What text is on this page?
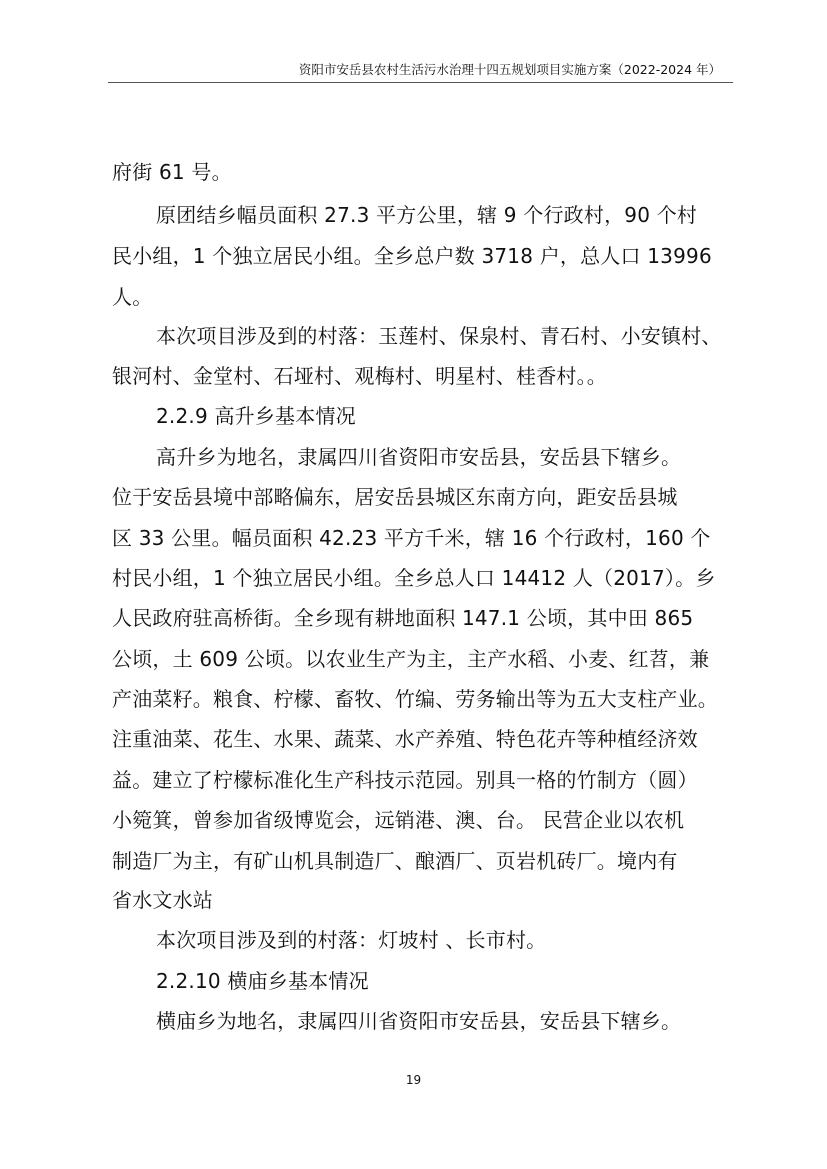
资阳市安岳县农村生活污水治理十四五规划项目实施方案（2022-2024 年）
府街 61 号。
原团结乡幅员面积 27.3 平方公里，辖 9 个行政村，90 个村
民小组，1 个独立居民小组。全乡总户数 3718 户，总人口 13996
人。
本次项目涉及到的村落：玉莲村、保泉村、青石村、小安镇村、
银河村、金堂村、石垭村、观梅村、明星村、桂香村。。
2.2.9 高升乡基本情况
高升乡为地名，隶属四川省资阳市安岳县，安岳县下辖乡。
位于安岳县境中部略偏东，居安岳县城区东南方向，距安岳县城
区 33 公里。幅员面积 42.23 平方千米，辖 16 个行政村，160 个
村民小组，1 个独立居民小组。全乡总人口 14412 人（2017）。乡
人民政府驻高桥街。全乡现有耕地面积 147.1 公顷，其中田 865
公顷，土 609 公顷。以农业生产为主，主产水稻、小麦、红苕，兼
产油菜籽。粮食、柠檬、畜牧、竹编、劳务输出等为五大支柱产业。
注重油菜、花生、水果、蔬菜、水产养殖、特色花卉等种植经济效
益。建立了柠檬标准化生产科技示范园。别具一格的竹制方（圆）
小箢箕，曾参加省级博览会，远销港、澳、台。 民营企业以农机
制造厂为主，有矿山机具制造厂、酿酒厂、页岩机砖厂。境内有
省水文水站
本次项目涉及到的村落：灯坡村 、长市村。
2.2.10 横庙乡基本情况
横庙乡为地名，隶属四川省资阳市安岳县，安岳县下辖乡。
19
